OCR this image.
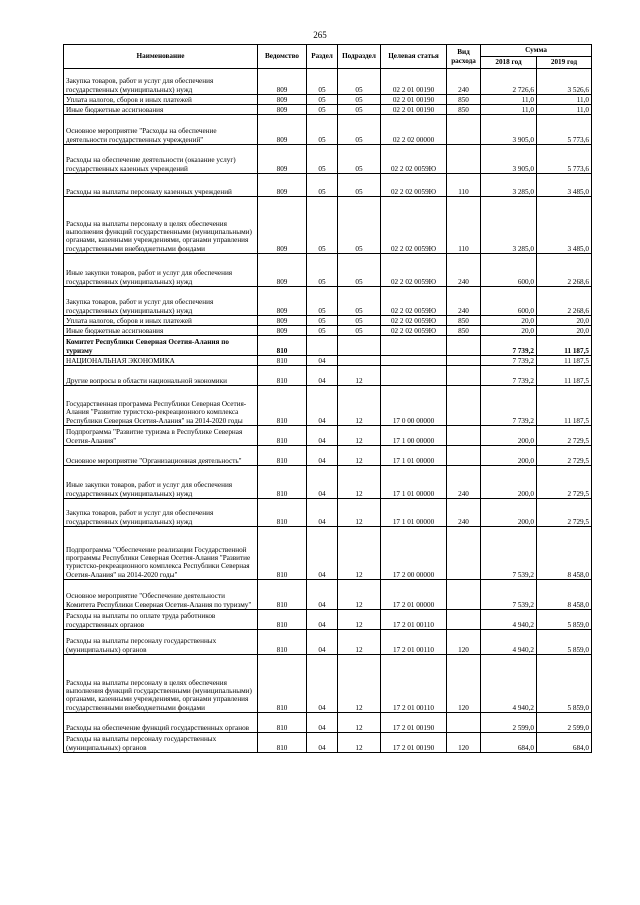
265
Наименование	Ведомство	Раздел	Подраздел	Целевая статья	Вид расхода	Сумма	
						2018 год	2019 год
Закупка товаров, работ и услуг для обеспечения государственных (муниципальных) нужд	809	05	05	02 2 01 00190	240	2 726,6	3 526,6
Уплата налогов, сборов и иных платежей	809	05	05	02 2 01 00190	850	11,0	11,0
Иные бюджетные ассигнования	809	05	05	02 2 01 00190	850	11,0	11,0
Основное мероприятие "Расходы на обеспечение деятельности государственных учреждений"	809	05	05	02 2 02 00000		3 905,0	5 773,6
Расходы на обеспечение деятельности (оказание услуг) государственных казенных учреждений	809	05	05	02 2 02 0059Ю		3 905,0	5 773,6
Расходы на выплаты персоналу казенных учреждений	809	05	05	02 2 02 0059Ю	110	3 285,0	3 485,0
Расходы на выплаты персоналу в целях обеспечения выполнения функций государственными (муниципальными) органами, казенными учреждениями, органами управления государственными внебюджетными фондами	809	05	05	02 2 02 0059Ю	110	3 285,0	3 485,0
Иные закупки товаров, работ и услуг для обеспечения государственных (муниципальных) нужд	809	05	05	02 2 02 0059Ю	240	600,0	2 268,6
Закупка товаров, работ и услуг для обеспечения государственных (муниципальных) нужд	809	05	05	02 2 02 0059Ю	240	600,0	2 268,6
Уплата налогов, сборов и иных платежей	809	05	05	02 2 02 0059Ю	850	20,0	20,0
Иные бюджетные ассигнования	809	05	05	02 2 02 0059Ю	850	20,0	20,0
Комитет Республики Северная Осетия-Алания по туризму	810					7 739,2	11 187,5
НАЦИОНАЛЬНАЯ ЭКОНОМИКА	810	04				7 739,2	11 187,5
Другие вопросы в области национальной экономики	810	04	12			7 739,2	11 187,5
Государственная программа Республики Северная Осетия-Алания "Развитие туристско-рекреационного комплекса Республики Северная Осетия-Алания" на 2014-2020 годы	810	04	12	17 0 00 00000		7 739,2	11 187,5
Подпрограмма "Развитие туризма в Республике Северная Осетия-Алания"	810	04	12	17 1 00 00000		200,0	2 729,5
Основное мероприятие "Организационная деятельность"	810	04	12	17 1 01 00000		200,0	2 729,5
Иные закупки товаров, работ и услуг для обеспечения государственных (муниципальных) нужд	810	04	12	17 1 01 00000	240	200,0	2 729,5
Закупка товаров, работ и услуг для обеспечения государственных (муниципальных) нужд	810	04	12	17 1 01 00000	240	200,0	2 729,5
Подпрограмма "Обеспечение реализации Государственной программы Республики Северная Осетия-Алания "Развитие туристско-рекреационного комплекса Республики Северная Осетия-Алания" на 2014-2020 годы"	810	04	12	17 2 00 00000		7 539,2	8 458,0
Основное мероприятие "Обеспечение деятельности Комитета Республики Северная Осетия-Алания по туризму"	810	04	12	17 2 01 00000		7 539,2	8 458,0
Расходы на выплаты по оплате труда работников государственных органов	810	04	12	17 2 01 00110		4 940,2	5 859,0
Расходы на выплаты персоналу государственных (муниципальных) органов	810	04	12	17 2 01 00110	120	4 940,2	5 859,0
Расходы на выплаты персоналу в целях обеспечения выполнения функций государственными (муниципальными) органами, казенными учреждениями, органами управления государственными внебюджетными фондами	810	04	12	17 2 01 00110	120	4 940,2	5 859,0
Расходы на обеспечение функций государственных органов	810	04	12	17 2 01 00190		2 599,0	2 599,0
Расходы на выплаты персоналу государственных (муниципальных) органов	810	04	12	17 2 01 00190	120	684,0	684,0
